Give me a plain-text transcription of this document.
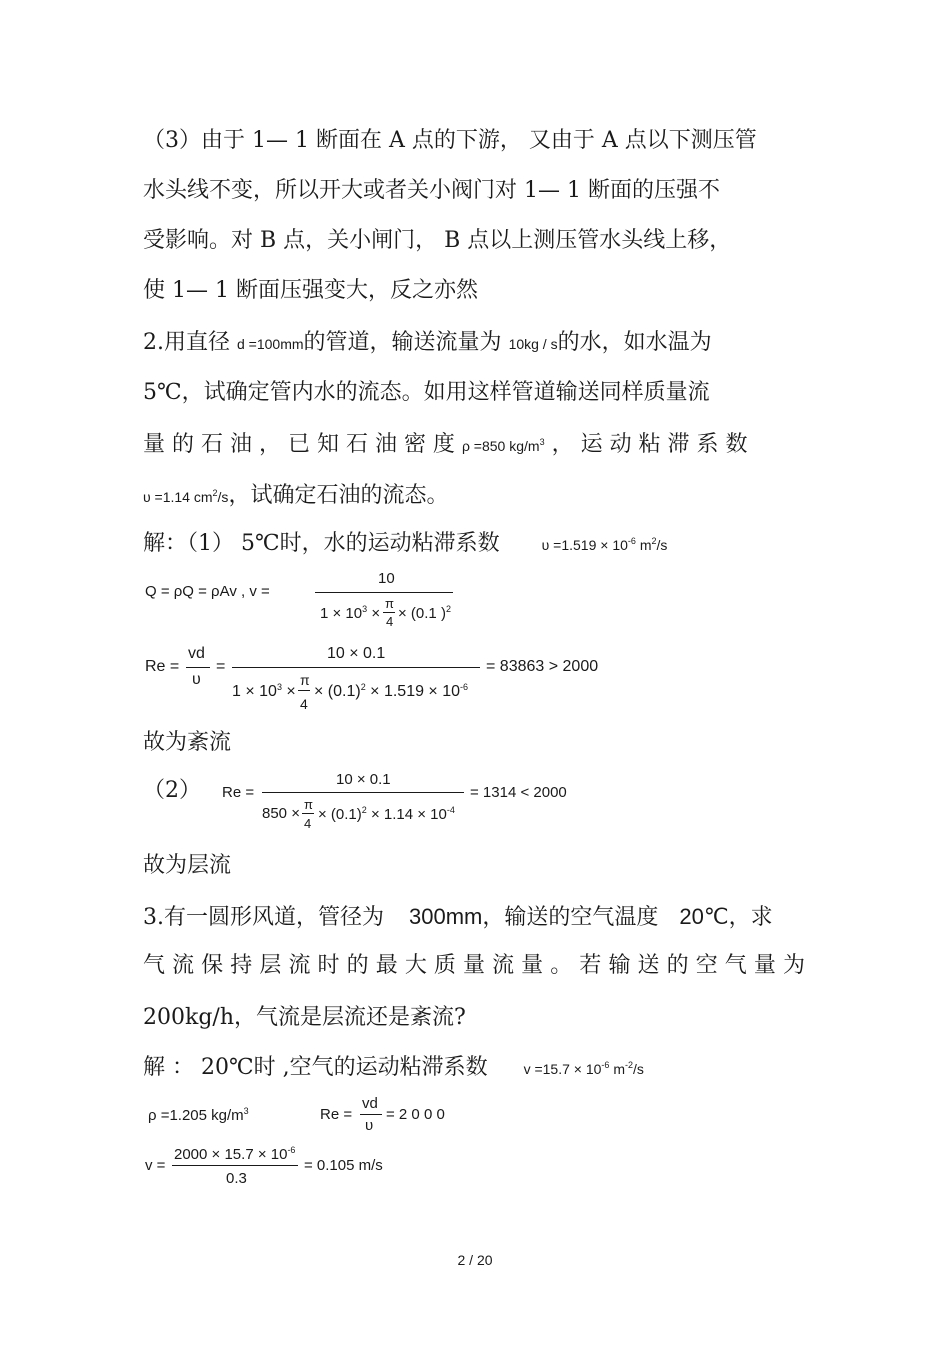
（3）由于 1— 1 断面在 A 点的下游， 又由于 A 点以下测压管
水头线不变，所以开大或者关小阀门对 1— 1 断面的压强不
受影响。对 B 点，关小闸门， B 点以上测压管水头线上移，
使 1— 1 断面压强变大，反之亦然
2.用直径 d =100mm的管道，输送流量为 10kg / s的水，如水温为
5℃，试确定管内水的流态。如用这样管道输送同样质量流
量 的 石 油 ， 已 知 石 油 密 度 ρ =850 $kg/m^3$ ， 运 动 粘 滞 系 数
υ =1.14 $cm^2/s$，试确定石油的流态。
解：（1） 5℃时，水的运动粘滞系数	$\upsilon =1.519 \times 10^{-6}$ $m^2/s$
Q = ρQ = ρAv , v =
10
$1 \times 10^3$ ×
π
4 × (0.1 )$^2$
Re =
vd
υ
=
10 × 0.1
$1 \times 10^3$ ×
π
4
× $(0.1)^2 \times 1.519 \times 10^{-6}$
= 83863 > 2000
故为紊流
（2） Re =
10 × 0.1
850 ×
π
4
× $(0.1)^2 \times 1.14 \times 10^{-4}$
= 1314 < 2000
故为层流
3.有一圆形风道，管径为 300mm，输送的空气温度 20℃，求
气 流 保 持 层 流 时 的 最 大 质 量 流 量 。 若 输 送 的 空 气 量 为
200kg/h，气流是层流还是紊流?
解 ： 20℃时 ,空气的运动粘滞系数	$v =15.7 \times 10^{-6}$ $m^{-2}/s$
ρ =1.205 $kg/m^3$	Re =
vd
υ
= 2 0 0 0
v =
$2000 \times 15.7 \times 10^{-6}$
0.3
= 0.105 m/s
2 / 20
